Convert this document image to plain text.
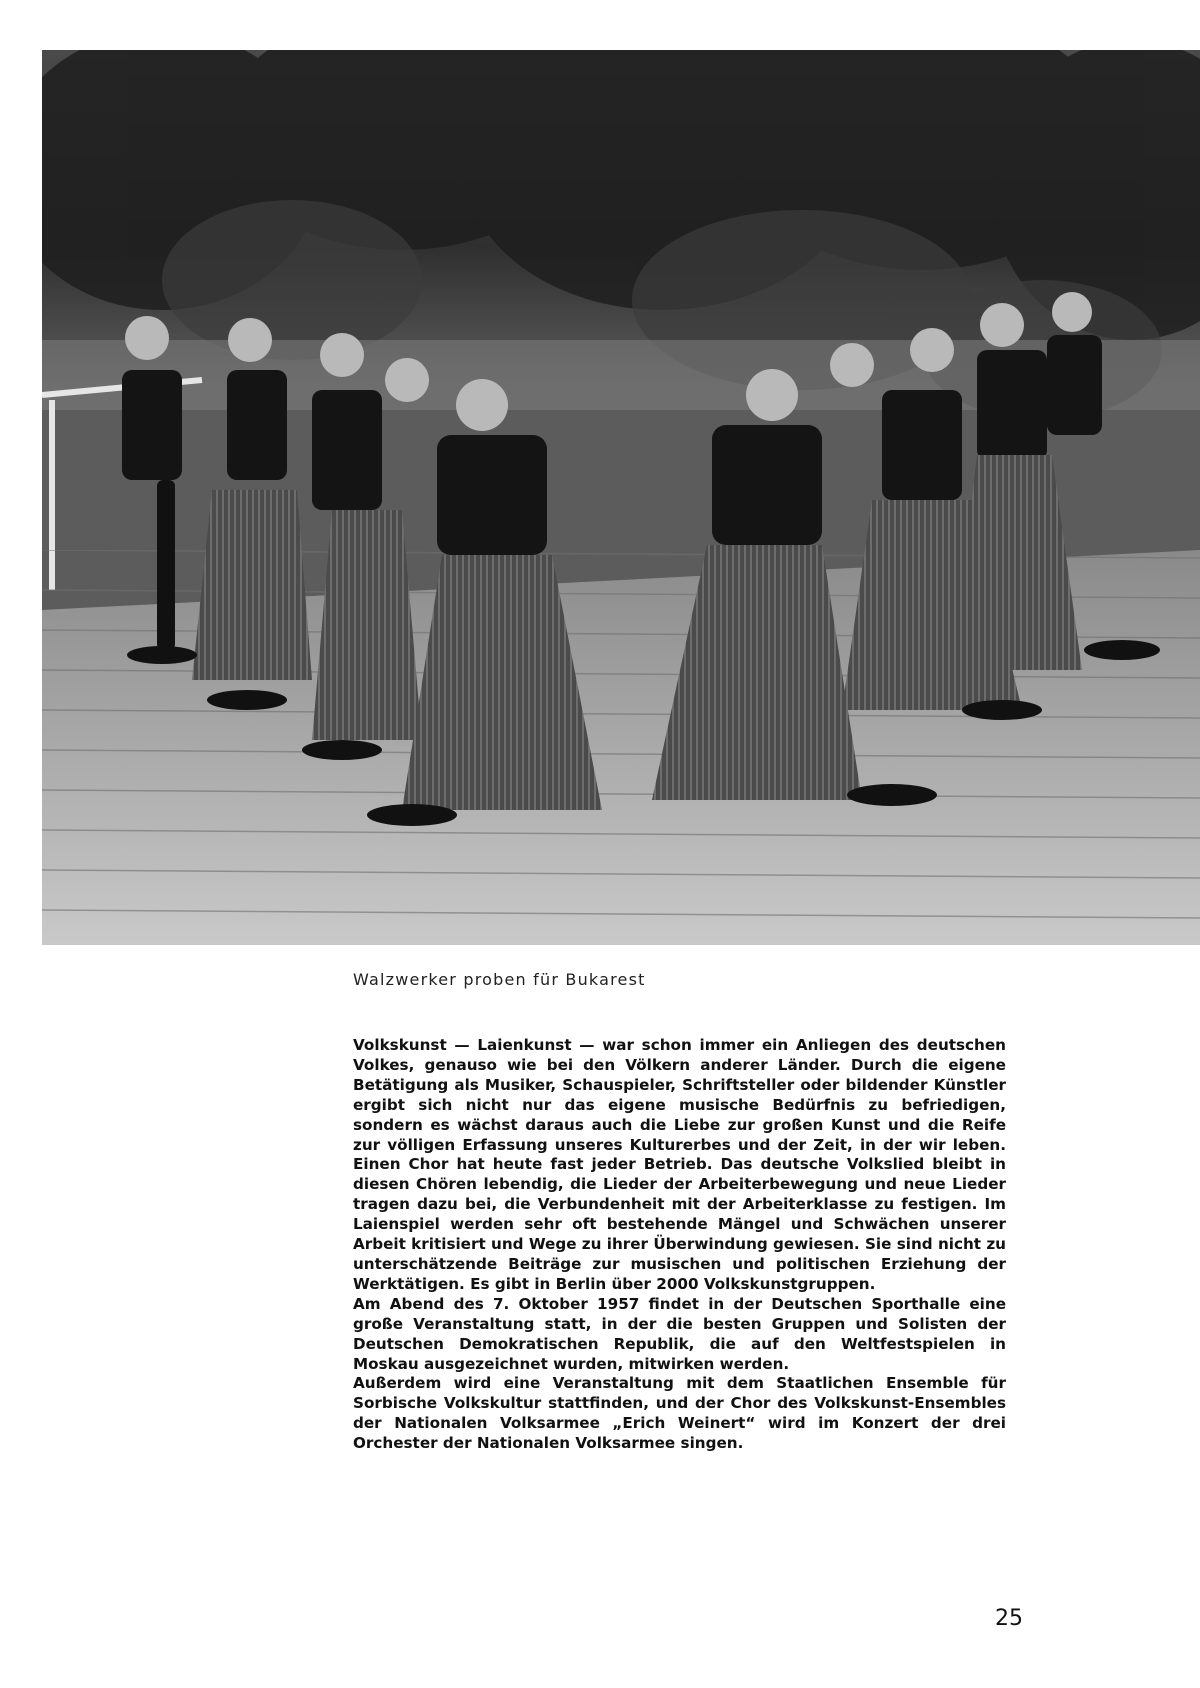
Walzwerker proben für Bukarest

Volkskunst — Laienkunst — war schon immer ein Anliegen des deutschen Volkes, genauso wie bei den Völkern anderer Länder. Durch die eigene Betätigung als Musiker, Schauspieler, Schriftsteller oder bildender Künstler ergibt sich nicht nur das eigene musische Bedürfnis zu befriedigen, sondern es wächst daraus auch die Liebe zur großen Kunst und die Reife zur völligen Erfassung unseres Kulturerbes und der Zeit, in der wir leben. Einen Chor hat heute fast jeder Betrieb. Das deutsche Volkslied bleibt in diesen Chören lebendig, die Lieder der Arbeiterbewegung und neue Lieder tragen dazu bei, die Verbundenheit mit der Arbeiterklasse zu festigen. Im Laienspiel werden sehr oft bestehende Mängel und Schwächen unserer Arbeit kritisiert und Wege zu ihrer Überwindung gewiesen. Sie sind nicht zu unterschätzende Beiträge zur musischen und politischen Erziehung der Werktätigen. Es gibt in Berlin über 2000 Volkskunstgruppen.

Am Abend des 7. Oktober 1957 findet in der Deutschen Sporthalle eine große Veranstaltung statt, in der die besten Gruppen und Solisten der Deutschen Demokratischen Republik, die auf den Weltfestspielen in Moskau ausgezeichnet wurden, mitwirken werden.

Außerdem wird eine Veranstaltung mit dem Staatlichen Ensemble für Sorbische Volkskultur stattfinden, und der Chor des Volkskunst-Ensembles der Nationalen Volksarmee „Erich Weinert“ wird im Konzert der drei Orchester der Nationalen Volksarmee singen.

25
